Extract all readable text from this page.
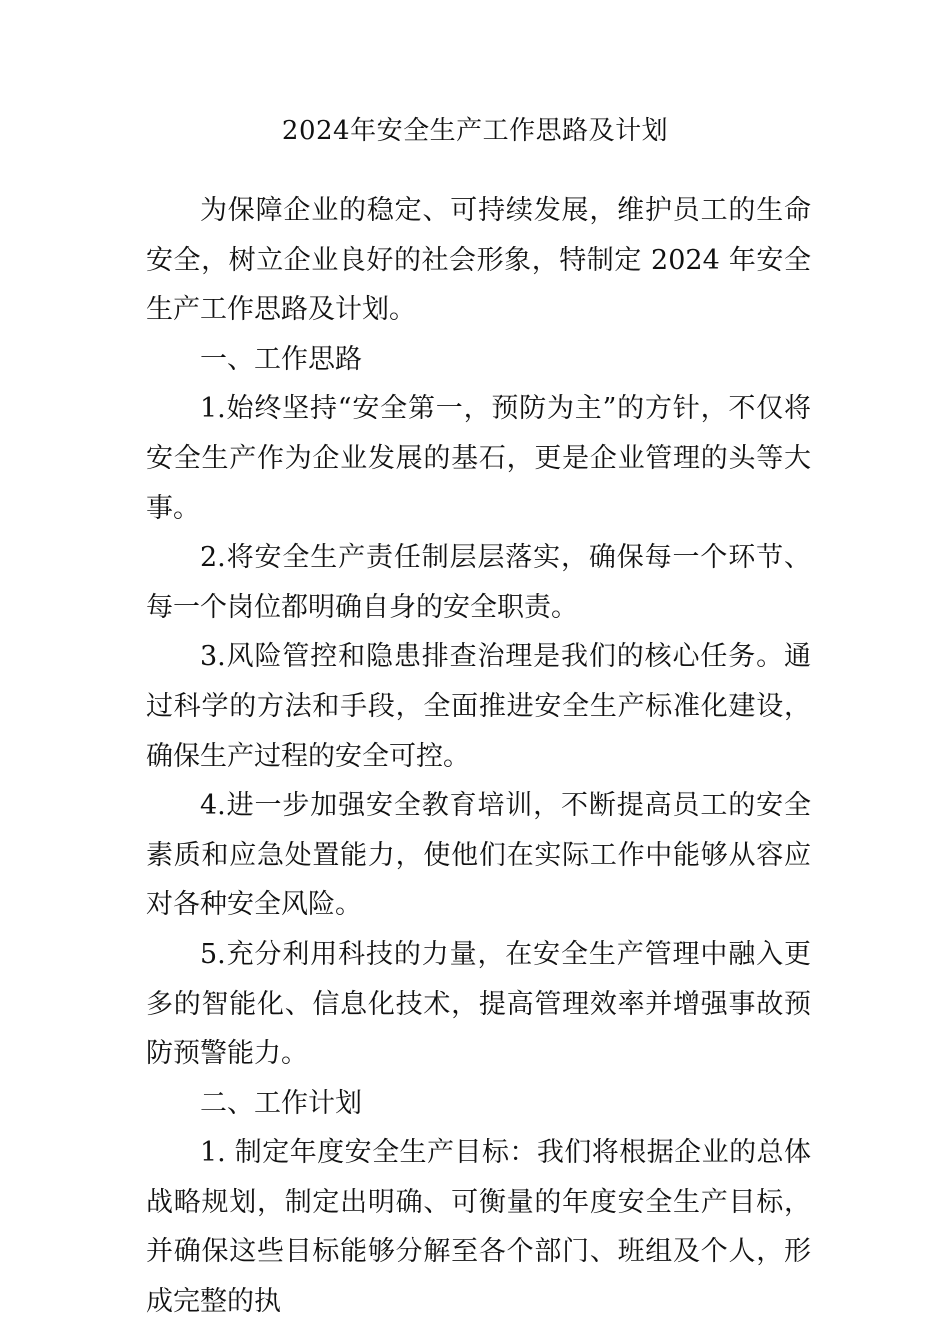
2024年安全生产工作思路及计划

为保障企业的稳定、可持续发展，维护员工的生命安全，树立企业良好的社会形象，特制定 2024 年安全生产工作思路及计划。

一、工作思路

1.始终坚持“安全第一，预防为主”的方针，不仅将安全生产作为企业发展的基石，更是企业管理的头等大事。

2.将安全生产责任制层层落实，确保每一个环节、每一个岗位都明确自身的安全职责。

3.风险管控和隐患排查治理是我们的核心任务。通过科学的方法和手段，全面推进安全生产标准化建设，确保生产过程的安全可控。

4.进一步加强安全教育培训，不断提高员工的安全素质和应急处置能力，使他们在实际工作中能够从容应对各种安全风险。

5.充分利用科技的力量，在安全生产管理中融入更多的智能化、信息化技术，提高管理效率并增强事故预防预警能力。

二、工作计划

1. 制定年度安全生产目标：我们将根据企业的总体战略规划，制定出明确、可衡量的年度安全生产目标，并确保这些目标能够分解至各个部门、班组及个人，形成完整的执
